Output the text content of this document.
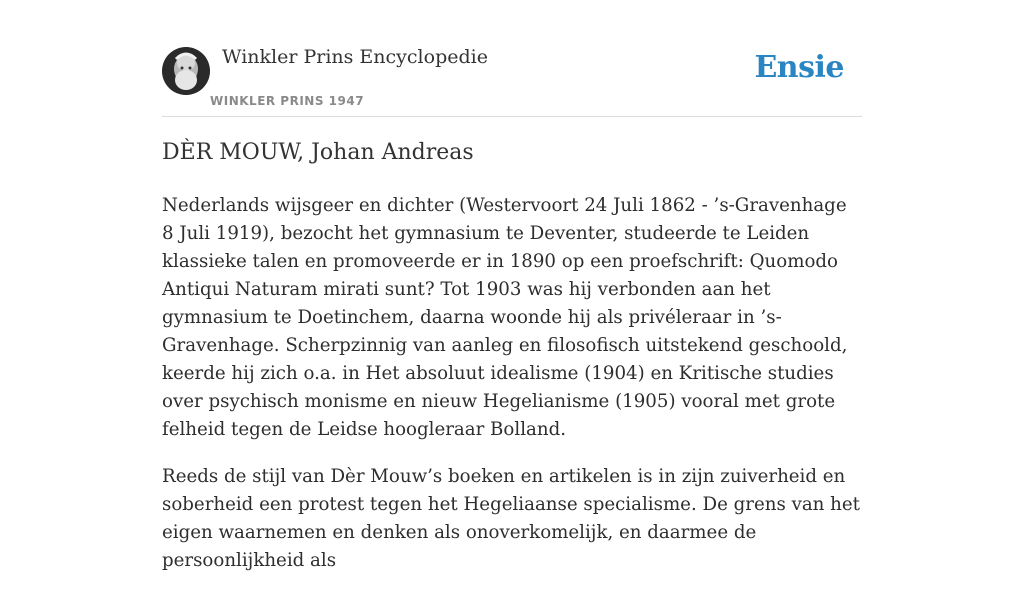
Winkler Prins Encyclopedie
WINKLER PRINS 1947
Ensie
DÈR MOUW, Johan Andreas

Nederlands wijsgeer en dichter (Westervoort 24 Juli 1862 - ’s-Gravenhage 8 Juli 1919), bezocht het gymnasium te Deventer, studeerde te Leiden klassieke talen en promoveerde er in 1890 op een proefschrift: Quomodo Antiqui Naturam mirati sunt? Tot 1903 was hij verbonden aan het gymnasium te Doetinchem, daarna woonde hij als privéleraar in ’s-Gravenhage. Scherpzinnig van aanleg en filosofisch uitstekend geschoold, keerde hij zich o.a. in Het absoluut idealisme (1904) en Kritische studies over psychisch monisme en nieuw Hegelianisme (1905) vooral met grote felheid tegen de Leidse hoogleraar Bolland.

Reeds de stijl van Dèr Mouw’s boeken en artikelen is in zijn zuiverheid en soberheid een protest tegen het Hegeliaanse specialisme. De grens van het eigen waarnemen en denken als onoverkomelijk, en daarmee de persoonlijkheid als
